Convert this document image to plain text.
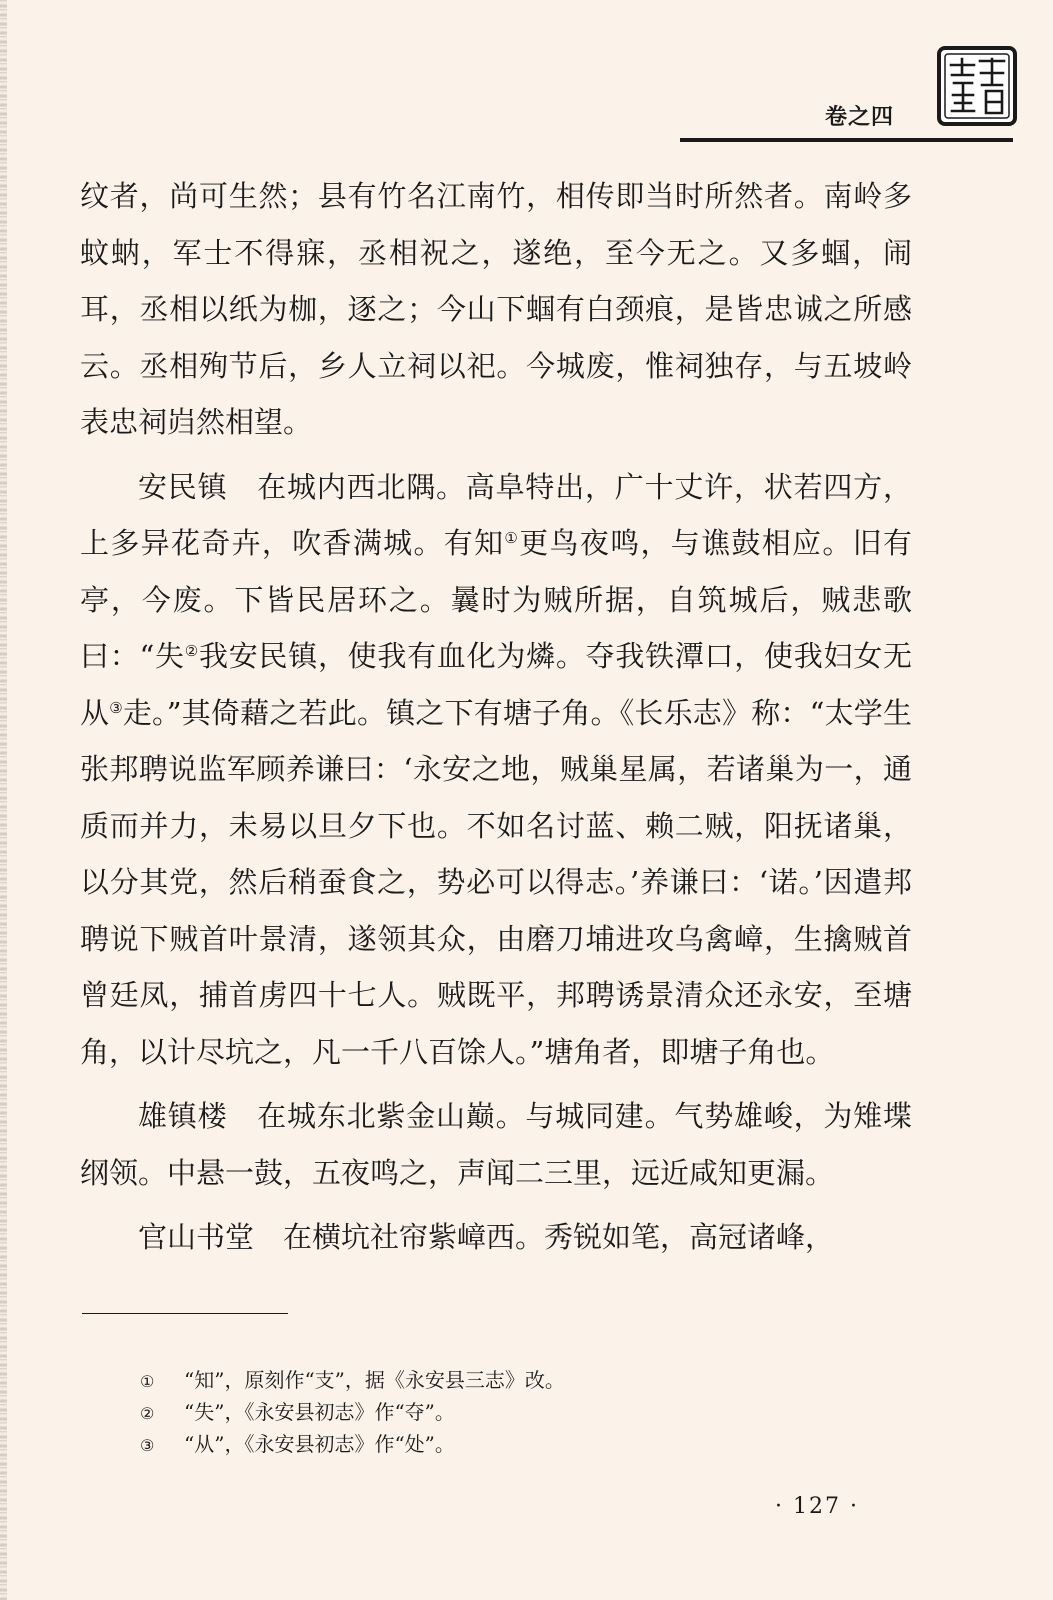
卷之四

纹者，尚可生然；县有竹名江南竹，相传即当时所然者。南岭多蚊蚋，军士不得寐，丞相祝之，遂绝，至今无之。又多蝈，闹耳，丞相以纸为枷，逐之；今山下蝈有白颈痕，是皆忠诚之所感云。丞相殉节后，乡人立祠以祀。今城废，惟祠独存，与五坡岭表忠祠岿然相望。

安民镇　在城内西北隅。高阜特出，广十丈许，状若四方，上多异花奇卉，吹香满城。有知①更鸟夜鸣，与谯鼓相应。旧有亭，今废。下皆民居环之。曩时为贼所据，自筑城后，贼悲歌曰：“失②我安民镇，使我有血化为燐。夺我铁潭口，使我妇女无从③走。”其倚藉之若此。镇之下有塘子角。《长乐志》称：“太学生张邦聘说监军顾养谦曰：‘永安之地，贼巢星属，若诸巢为一，通质而并力，未易以旦夕下也。不如名讨蓝、赖二贼，阳抚诸巢，以分其党，然后稍蚕食之，势必可以得志。’养谦曰：‘诺。’因遣邦聘说下贼首叶景清，遂领其众，由磨刀埔进攻乌禽嶂，生擒贼首曾廷凤，捕首虏四十七人。贼既平，邦聘诱景清众还永安，至塘角，以计尽坑之，凡一千八百馀人。”塘角者，即塘子角也。

雄镇楼　在城东北紫金山巅。与城同建。气势雄峻，为雉堞纲领。中悬一鼓，五夜鸣之，声闻二三里，远近咸知更漏。

官山书堂　在横坑社帘紫嶂西。秀锐如笔，高冠诸峰，

① “知”，原刻作“支”，据《永安县三志》改。
② “失”，《永安县初志》作“夺”。
③ “从”，《永安县初志》作“处”。
· 127 ·
